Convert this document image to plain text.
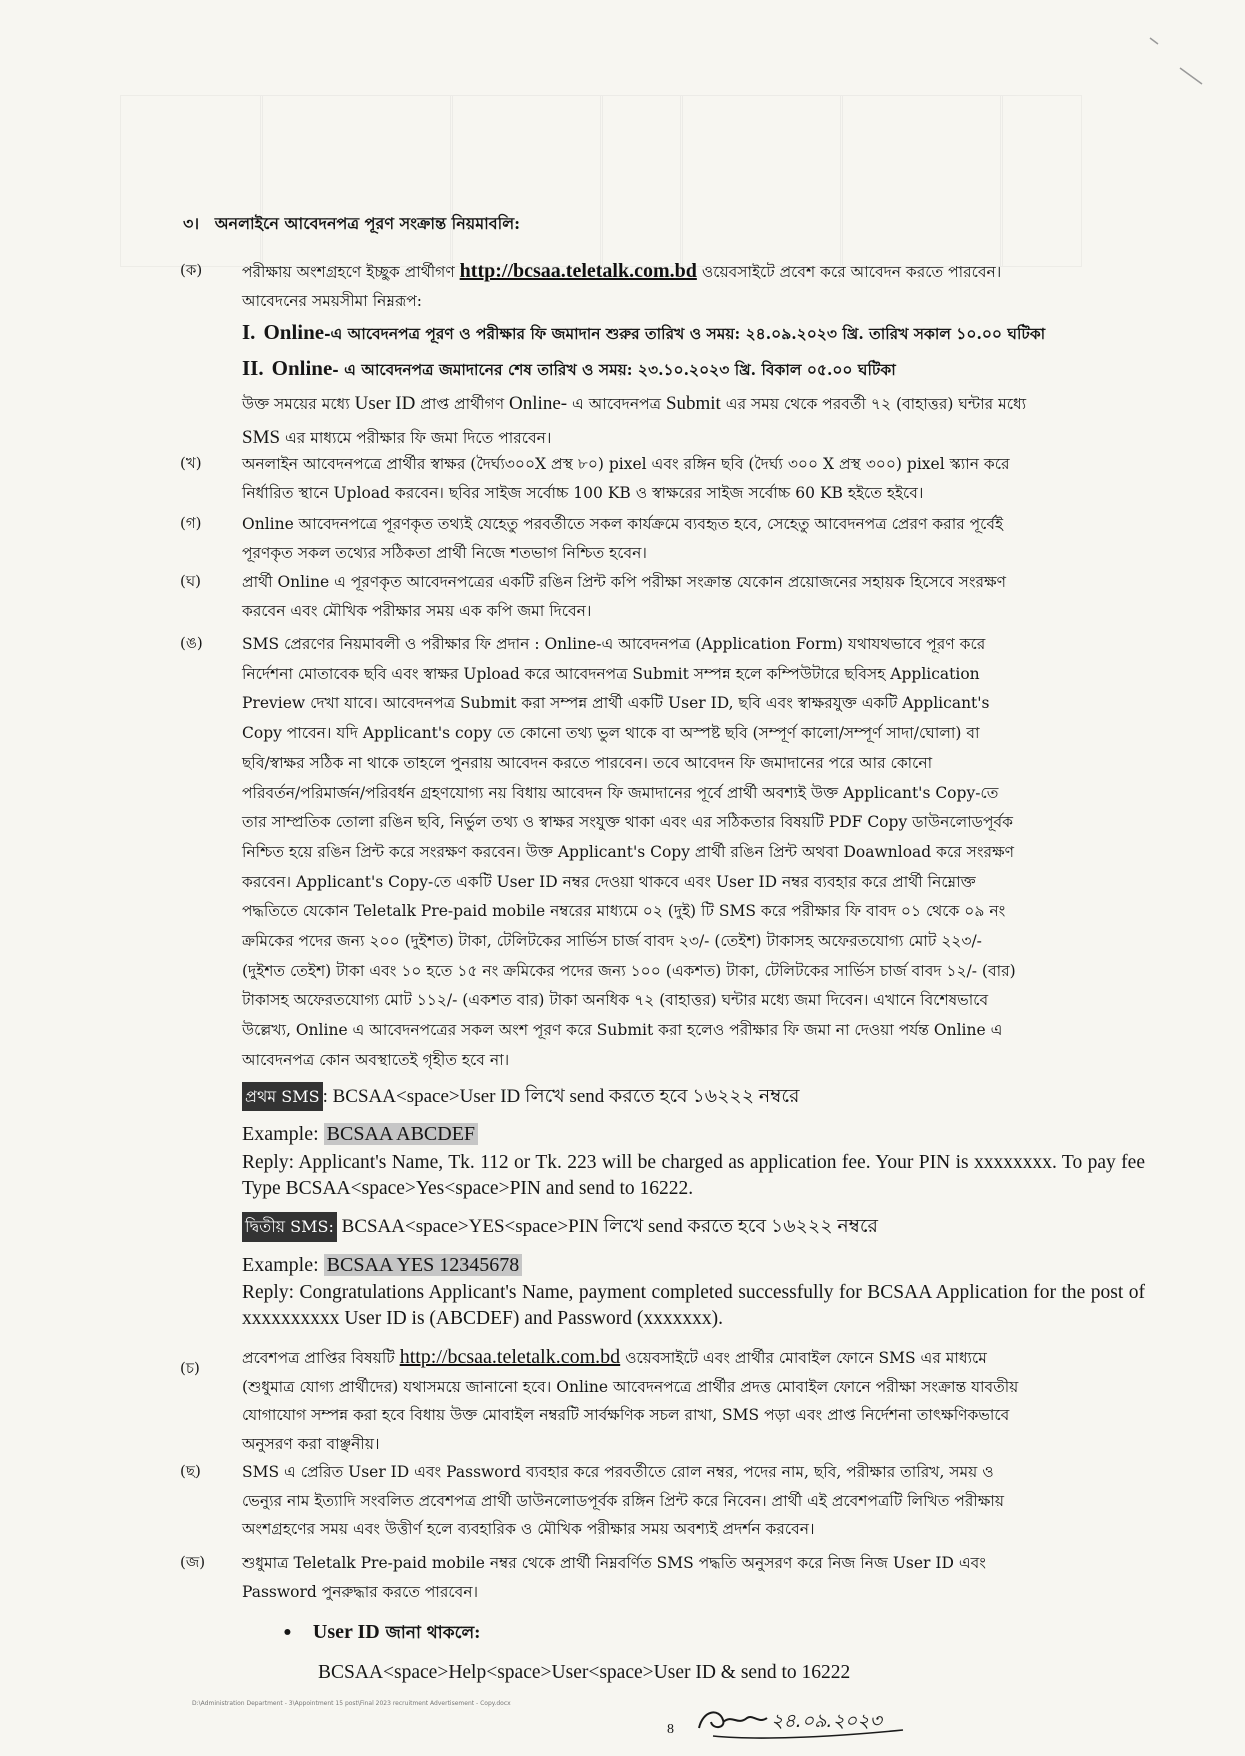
৩। অনলাইনে আবেদনপত্র পূরণ সংক্রান্ত নিয়মাবলি:
(ক)	পরীক্ষায় অংশগ্রহণে ইচ্ছুক প্রার্থীগণ http://bcsaa.teletalk.com.bd ওয়েবসাইটে প্রবেশ করে আবেদন করতে পারবেন।
আবেদনের সময়সীমা নিম্নরূপ:
I. Online-এ আবেদনপত্র পূরণ ও পরীক্ষার ফি জমাদান শুরুর তারিখ ও সময়: ২৪.০৯.২০২৩ খ্রি. তারিখ সকাল ১০.০০ ঘটিকা
II. Online- এ আবেদনপত্র জমাদানের শেষ তারিখ ও সময়: ২৩.১০.২০২৩ খ্রি. বিকাল ০৫.০০ ঘটিকা
উক্ত সময়ের মধ্যে User ID প্রাপ্ত প্রার্থীগণ Online- এ আবেদনপত্র Submit এর সময় থেকে পরবর্তী ৭২ (বাহাত্তর) ঘন্টার মধ্যে
SMS এর মাধ্যমে পরীক্ষার ফি জমা দিতে পারবেন।
(খ)	অনলাইন আবেদনপত্রে প্রার্থীর স্বাক্ষর (দৈর্ঘ্য৩০০X প্রস্থ ৮০) pixel এবং রঙ্গিন ছবি (দৈর্ঘ্য ৩০০ X প্রস্থ ৩০০) pixel স্ক্যান করে
নির্ধারিত স্থানে Upload করবেন। ছবির সাইজ সর্বোচ্চ 100 KB ও স্বাক্ষরের সাইজ সর্বোচ্চ 60 KB হইতে হইবে।
(গ)	Online আবেদনপত্রে পূরণকৃত তথ্যই যেহেতু পরবর্তীতে সকল কার্যক্রমে ব্যবহৃত হবে, সেহেতু আবেদনপত্র প্রেরণ করার পূর্বেই
পূরণকৃত সকল তথ্যের সঠিকতা প্রার্থী নিজে শতভাগ নিশ্চিত হবেন।
(ঘ)	প্রার্থী Online এ পূরণকৃত আবেদনপত্রের একটি রঙিন প্রিন্ট কপি পরীক্ষা সংক্রান্ত যেকোন প্রয়োজনের সহায়ক হিসেবে সংরক্ষণ
করবেন এবং মৌখিক পরীক্ষার সময় এক কপি জমা দিবেন।
(ঙ)	SMS প্রেরণের নিয়মাবলী ও পরীক্ষার ফি প্রদান : Online-এ আবেদনপত্র (Application Form) যথাযথভাবে পূরণ করে
নির্দেশনা মোতাবেক ছবি এবং স্বাক্ষর Upload করে আবেদনপত্র Submit সম্পন্ন হলে কম্পিউটারে ছবিসহ Application
Preview দেখা যাবে। আবেদনপত্র Submit করা সম্পন্ন প্রার্থী একটি User ID, ছবি এবং স্বাক্ষরযুক্ত একটি Applicant's
Copy পাবেন। যদি Applicant's copy তে কোনো তথ্য ভুল থাকে বা অস্পষ্ট ছবি (সম্পূর্ণ কালো/সম্পূর্ণ সাদা/ঘোলা) বা
ছবি/স্বাক্ষর সঠিক না থাকে তাহলে পুনরায় আবেদন করতে পারবেন। তবে আবেদন ফি জমাদানের পরে আর কোনো
পরিবর্তন/পরিমার্জন/পরিবর্ধন গ্রহণযোগ্য নয় বিধায় আবেদন ফি জমাদানের পূর্বে প্রার্থী অবশ্যই উক্ত Applicant's Copy-তে
তার সাম্প্রতিক তোলা রঙিন ছবি, নির্ভুল তথ্য ও স্বাক্ষর সংযুক্ত থাকা এবং এর সঠিকতার বিষয়টি PDF Copy ডাউনলোডপূর্বক
নিশ্চিত হয়ে রঙিন প্রিন্ট করে সংরক্ষণ করবেন। উক্ত Applicant's Copy প্রার্থী রঙিন প্রিন্ট অথবা Doawnload করে সংরক্ষণ
করবেন। Applicant's Copy-তে একটি User ID নম্বর দেওয়া থাকবে এবং User ID নম্বর ব্যবহার করে প্রার্থী নিম্নোক্ত
পদ্ধতিতে যেকোন Teletalk Pre-paid mobile নম্বরের মাধ্যমে ০২ (দুই) টি SMS করে পরীক্ষার ফি বাবদ ০১ থেকে ০৯ নং
ক্রমিকের পদের জন্য ২০০ (দুইশত) টাকা, টেলিটকের সার্ভিস চার্জ বাবদ ২৩/- (তেইশ) টাকাসহ অফেরতযোগ্য মোট ২২৩/-
(দুইশত তেইশ) টাকা এবং ১০ হতে ১৫ নং ক্রমিকের পদের জন্য ১০০ (একশত) টাকা, টেলিটকের সার্ভিস চার্জ বাবদ ১২/- (বার)
টাকাসহ অফেরতযোগ্য মোট ১১২/- (একশত বার) টাকা অনধিক ৭২ (বাহাত্তর) ঘন্টার মধ্যে জমা দিবেন। এখানে বিশেষভাবে
উল্লেখ্য, Online এ আবেদনপত্রের সকল অংশ পূরণ করে Submit করা হলেও পরীক্ষার ফি জমা না দেওয়া পর্যন্ত Online এ
আবেদনপত্র কোন অবস্থাতেই গৃহীত হবে না।
প্রথম SMS : BCSAA<space>User ID লিখে send করতে হবে ১৬২২২ নম্বরে
Example: BCSAA ABCDEF
Reply: Applicant's Name, Tk. 112 or Tk. 223 will be charged as application fee. Your PIN is xxxxxxxx. To pay fee Type BCSAA<space>Yes<space>PIN and send to 16222.
দ্বিতীয় SMS: BCSAA<space>YES<space>PIN লিখে send করতে হবে ১৬২২২ নম্বরে
Example: BCSAA YES 12345678
Reply: Congratulations Applicant's Name, payment completed successfully for BCSAA Application for the post of xxxxxxxxxx User ID is (ABCDEF) and Password (xxxxxxx).
(চ)
প্রবেশপত্র প্রাপ্তির বিষয়টি http://bcsaa.teletalk.com.bd ওয়েবসাইটে এবং প্রার্থীর মোবাইল ফোনে SMS এর মাধ্যমে
(শুধুমাত্র যোগ্য প্রার্থীদের) যথাসময়ে জানানো হবে। Online আবেদনপত্রে প্রার্থীর প্রদত্ত মোবাইল ফোনে পরীক্ষা সংক্রান্ত যাবতীয়
যোগাযোগ সম্পন্ন করা হবে বিধায় উক্ত মোবাইল নম্বরটি সার্বক্ষণিক সচল রাখা, SMS পড়া এবং প্রাপ্ত নির্দেশনা তাৎক্ষণিকভাবে
অনুসরণ করা বাঞ্ছনীয়।
(ছ)	SMS এ প্রেরিত User ID এবং Password ব্যবহার করে পরবর্তীতে রোল নম্বর, পদের নাম, ছবি, পরীক্ষার তারিখ, সময় ও
ভেন্যুর নাম ইত্যাদি সংবলিত প্রবেশপত্র প্রার্থী ডাউনলোডপূর্বক রঙ্গিন প্রিন্ট করে নিবেন। প্রার্থী এই প্রবেশপত্রটি লিখিত পরীক্ষায়
অংশগ্রহণের সময় এবং উত্তীর্ণ হলে ব্যবহারিক ও মৌখিক পরীক্ষার সময় অবশ্যই প্রদর্শন করবেন।
(জ) শুধুমাত্র Teletalk Pre-paid mobile নম্বর থেকে প্রার্থী নিম্নবর্ণিত SMS পদ্ধতি অনুসরণ করে নিজ নিজ User ID এবং
Password পুনরুদ্ধার করতে পারবেন।
• User ID জানা থাকলে:
BCSAA<space>Help<space>User<space>User ID & send to 16222
D:\Administration Department - 3\Appointment 15 post\Final 2023 recruitment Advertisement - Copy.docx
8	২৪.০৯.২০২৩
